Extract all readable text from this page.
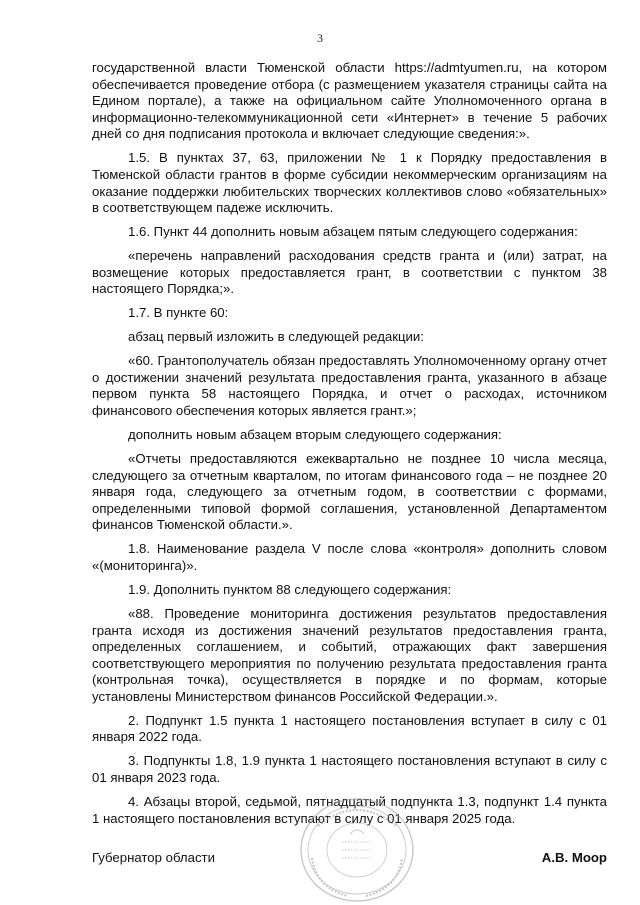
3

государственной власти Тюменской области https://admtyumen.ru, на котором обеспечивается проведение отбора (с размещением указателя страницы сайта на Едином портале), а также на официальном сайте Уполномоченного органа в информационно-телекоммуникационной сети «Интернет» в течение 5 рабочих дней со дня подписания протокола и включает следующие сведения:».

1.5. В пунктах 37, 63, приложении № 1 к Порядку предоставления в Тюменской области грантов в форме субсидии некоммерческим организациям на оказание поддержки любительских творческих коллективов слово «обязательных» в соответствующем падеже исключить.

1.6. Пункт 44 дополнить новым абзацем пятым следующего содержания:

«перечень направлений расходования средств гранта и (или) затрат, на возмещение которых предоставляется грант, в соответствии с пунктом 38 настоящего Порядка;».

1.7. В пункте 60:

абзац первый изложить в следующей редакции:

«60. Грантополучатель обязан предоставлять Уполномоченному органу отчет о достижении значений результата предоставления гранта, указанного в абзаце первом пункта 58 настоящего Порядка, и отчет о расходах, источником финансового обеспечения которых является грант.»;

дополнить новым абзацем вторым следующего содержания:

«Отчеты предоставляются ежеквартально не позднее 10 числа месяца, следующего за отчетным кварталом, по итогам финансового года – не позднее 20 января года, следующего за отчетным годом, в соответствии с формами, определенными типовой формой соглашения, установленной Департаментом финансов Тюменской области.».

1.8. Наименование раздела V после слова «контроля» дополнить словом «(мониторинга)».

1.9. Дополнить пунктом 88 следующего содержания:

«88. Проведение мониторинга достижения результатов предоставления гранта исходя из достижения значений результатов предоставления гранта, определенных соглашением, и событий, отражающих факт завершения соответствующего мероприятия по получению результата предоставления гранта (контрольная точка), осуществляется в порядке и по формам, которые установлены Министерством финансов Российской Федерации.».

2. Подпункт 1.5 пункта 1 настоящего постановления вступает в силу с 01 января 2022 года.

3. Подпункты 1.8, 1.9 пункта 1 настоящего постановления вступают в силу с 01 января 2023 года.

4. Абзацы второй, седьмой, пятнадцатый подпункта 1.3, подпункт 1.4 пункта 1 настоящего постановления вступают в силу с 01 января 2025 года.

Губернатор области	А.В. Моор
